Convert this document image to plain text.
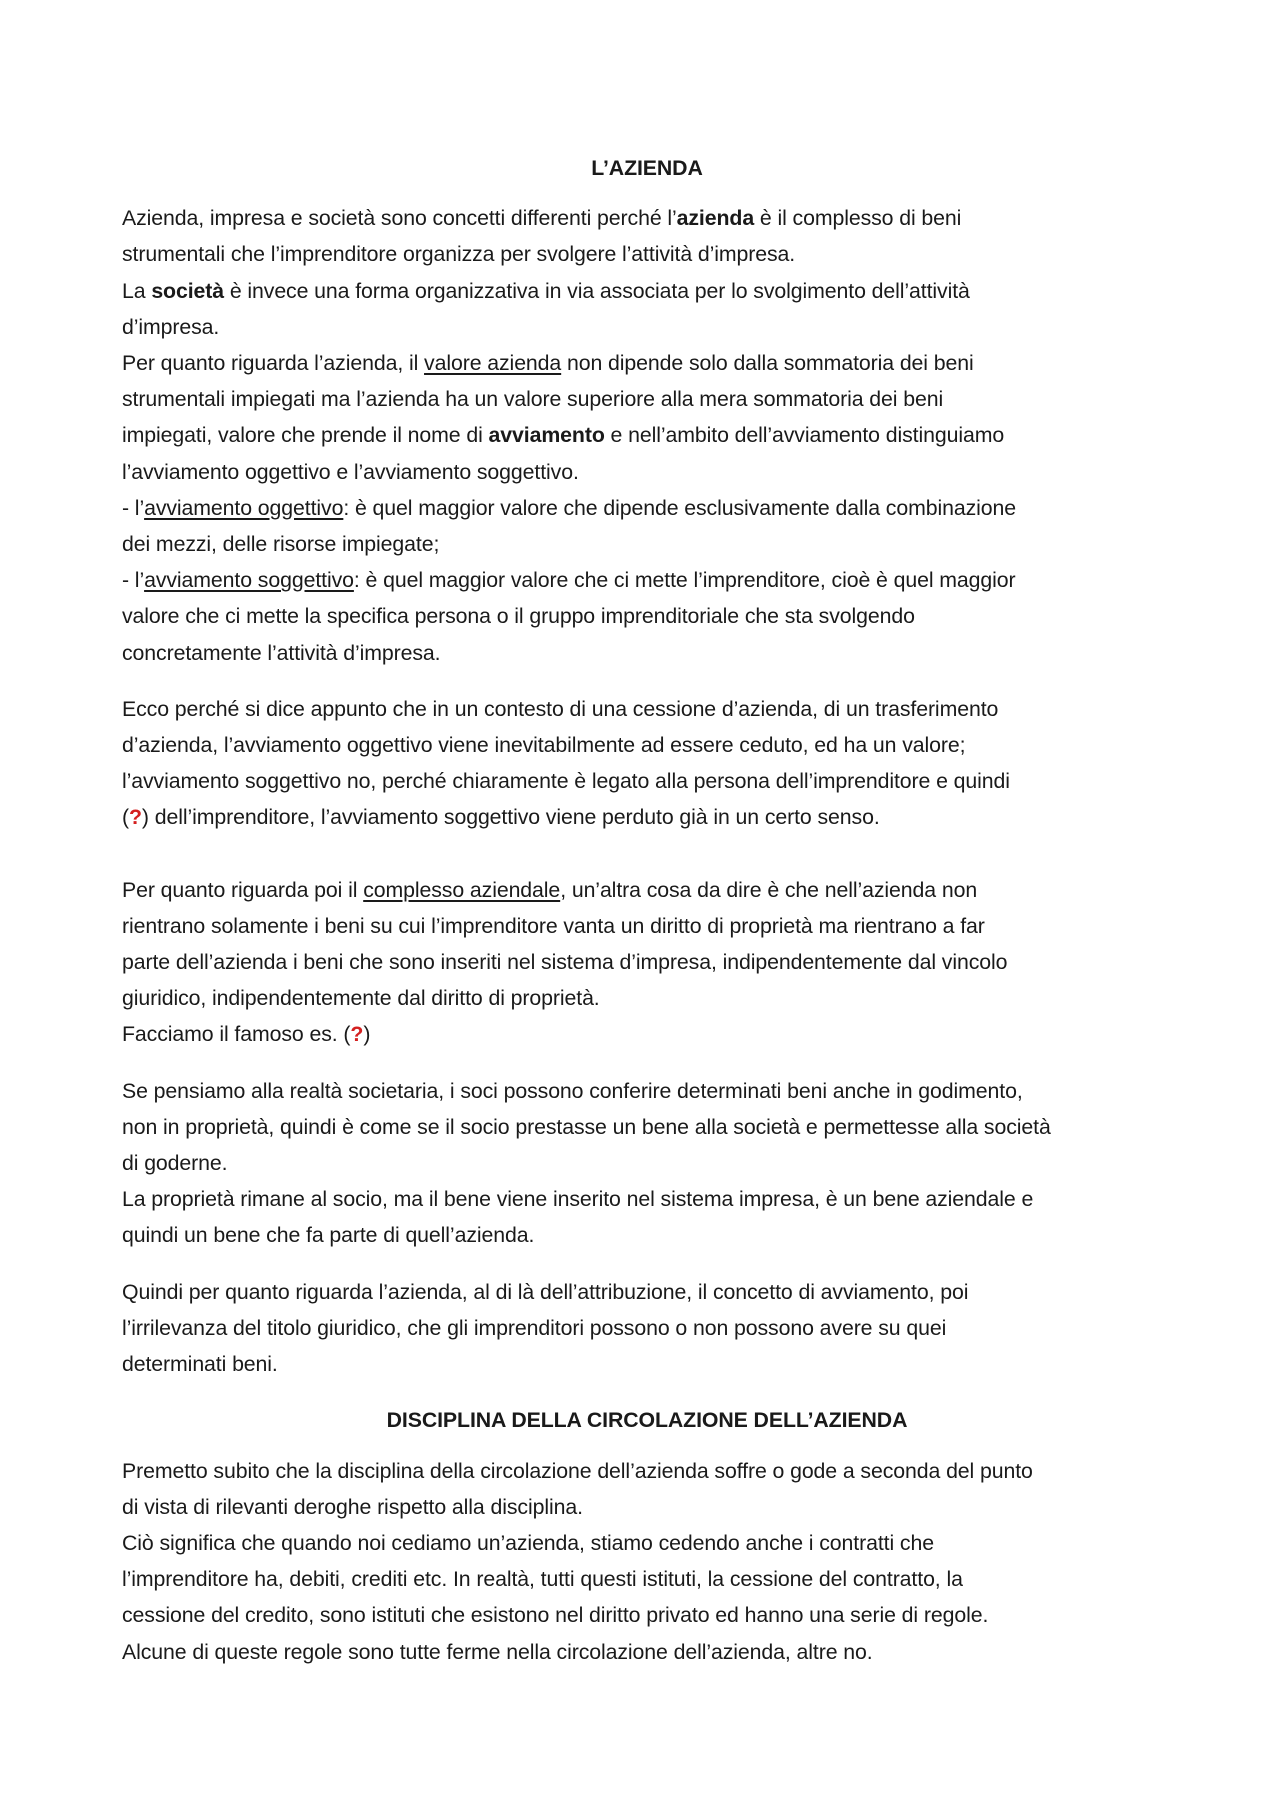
L’AZIENDA
Azienda, impresa e società sono concetti differenti perché l’azienda è il complesso di beni
strumentali che l’imprenditore organizza per svolgere l’attività d’impresa.
La società è invece una forma organizzativa in via associata per lo svolgimento dell’attività
d’impresa.
Per quanto riguarda l’azienda, il valore azienda non dipende solo dalla sommatoria dei beni
strumentali impiegati ma l’azienda ha un valore superiore alla mera sommatoria dei beni
impiegati, valore che prende il nome di avviamento e nell’ambito dell’avviamento distinguiamo
l’avviamento oggettivo e l’avviamento soggettivo.
- l’avviamento oggettivo: è quel maggior valore che dipende esclusivamente dalla combinazione
dei mezzi, delle risorse impiegate;
- l’avviamento soggettivo: è quel maggior valore che ci mette l’imprenditore, cioè è quel maggior
valore che ci mette la specifica persona o il gruppo imprenditoriale che sta svolgendo
concretamente l’attività d’impresa.
Ecco perché si dice appunto che in un contesto di una cessione d’azienda, di un trasferimento
d’azienda, l’avviamento oggettivo viene inevitabilmente ad essere ceduto, ed ha un valore;
l’avviamento soggettivo no, perché chiaramente è legato alla persona dell’imprenditore e quindi
(?) dell’imprenditore, l’avviamento soggettivo viene perduto già in un certo senso.
Per quanto riguarda poi il complesso aziendale, un’altra cosa da dire è che nell’azienda non
rientrano solamente i beni su cui l’imprenditore vanta un diritto di proprietà ma rientrano a far
parte dell’azienda i beni che sono inseriti nel sistema d’impresa, indipendentemente dal vincolo
giuridico, indipendentemente dal diritto di proprietà.
Facciamo il famoso es. (?)
Se pensiamo alla realtà societaria, i soci possono conferire determinati beni anche in godimento,
non in proprietà, quindi è come se il socio prestasse un bene alla società e permettesse alla società
di goderne.
La proprietà rimane al socio, ma il bene viene inserito nel sistema impresa, è un bene aziendale e
quindi un bene che fa parte di quell’azienda.
Quindi per quanto riguarda l’azienda, al di là dell’attribuzione, il concetto di avviamento, poi
l’irrilevanza del titolo giuridico, che gli imprenditori possono o non possono avere su quei
determinati beni.
DISCIPLINA DELLA CIRCOLAZIONE DELL’AZIENDA
Premetto subito che la disciplina della circolazione dell’azienda soffre o gode a seconda del punto
di vista di rilevanti deroghe rispetto alla disciplina.
Ciò significa che quando noi cediamo un’azienda, stiamo cedendo anche i contratti che
l’imprenditore ha, debiti, crediti etc. In realtà, tutti questi istituti, la cessione del contratto, la
cessione del credito, sono istituti che esistono nel diritto privato ed hanno una serie di regole.
Alcune di queste regole sono tutte ferme nella circolazione dell’azienda, altre no.
